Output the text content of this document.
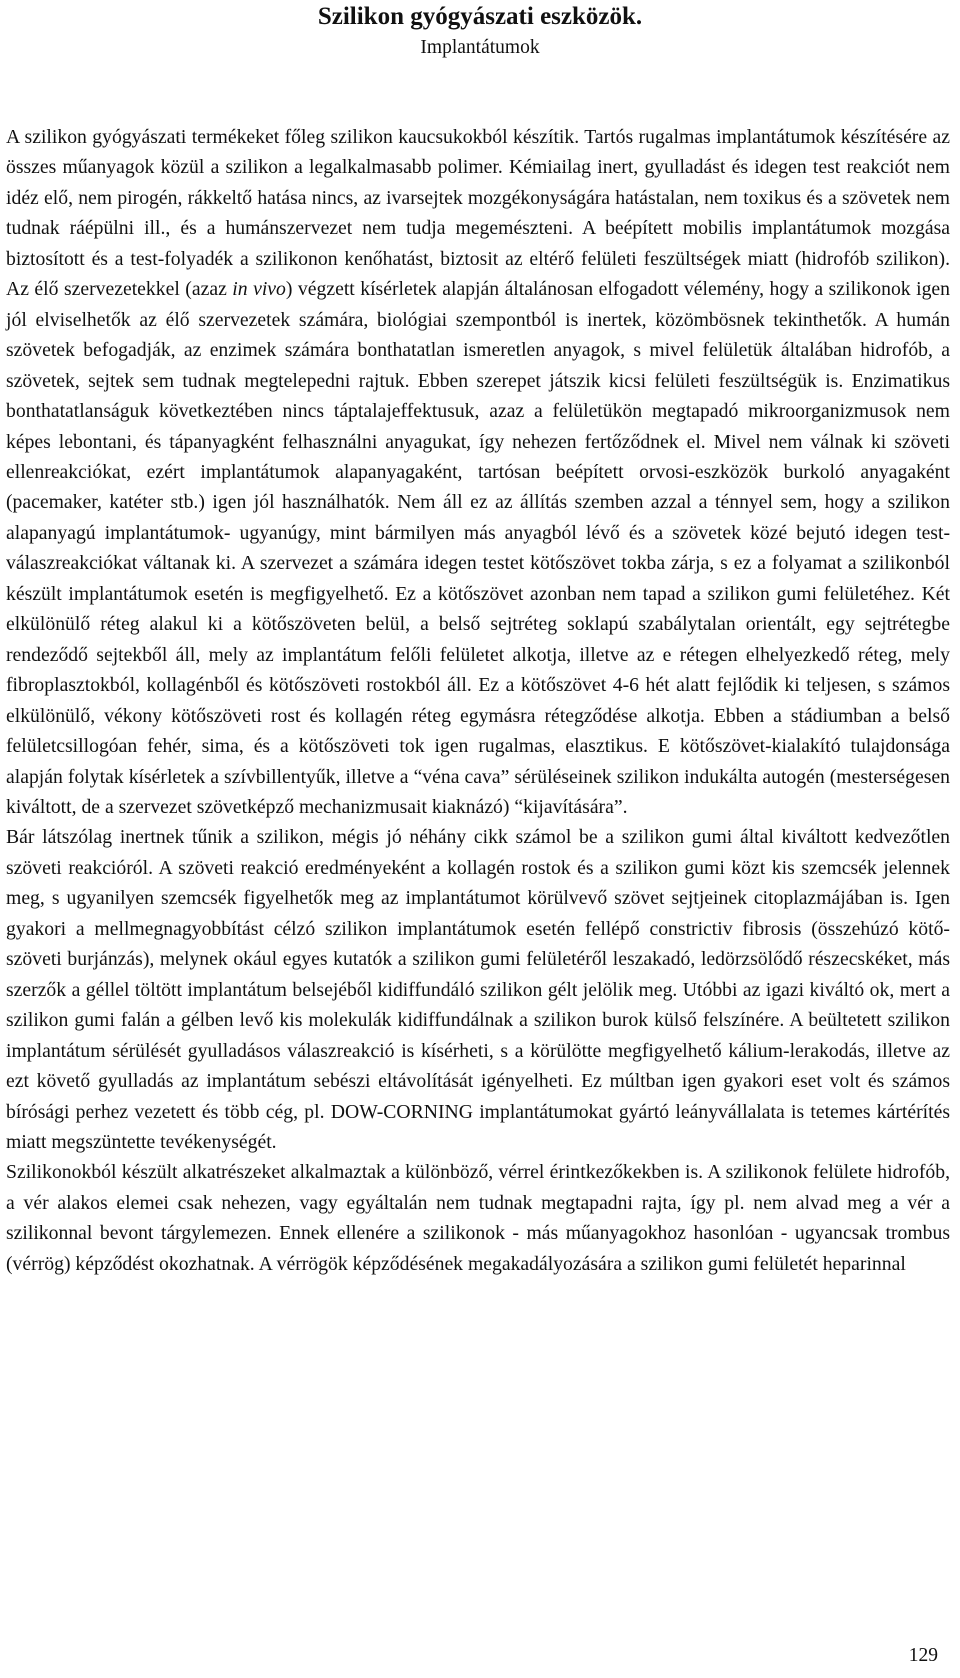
Szilikon gyógyászati eszközök.
Implantátumok

A szilikon gyógyászati termékeket főleg szilikon kaucsukokból készítik. Tartós rugalmas implantátumok készítésére az összes műanyagok közül a szilikon a legalkalmasabb polimer. Kémiailag inert, gyulladást és idegen test reakciót nem idéz elő, nem pirogén, rákkeltő hatása nincs, az ivarsejtek mozgékonyságára hatástalan, nem toxikus és a szövetek nem tudnak ráépülni ill., és a humánszervezet nem tudja megemészteni. A beépített mobilis implantátumok mozgása biztosított és a test-folyadék a szilikonon kenőhatást, biztosit az eltérő felületi feszültségek miatt (hidrofób szilikon). Az élő szervezetekkel (azaz in vivo) végzett kísérletek alapján általánosan elfogadott vélemény, hogy a szilikonok igen jól elviselhetők az élő szervezetek számára, biológiai szempontból is inertek, közömbösnek tekinthetők. A humán szövetek befogadják, az enzimek számára bonthatatlan ismeretlen anyagok, s mivel felületük általában hidrofób, a szövetek, sejtek sem tudnak megtelepedni rajtuk. Ebben szerepet játszik kicsi felületi feszültségük is. Enzimatikus bonthatatlanságuk következtében nincs táptalajeffektusuk, azaz a felületükön megtapadó mikroorganizmusok nem képes lebontani, és tápanyagként felhasználni anyagukat, így nehezen fertőződnek el. Mivel nem válnak ki szöveti ellenreakciókat, ezért implantátumok alapanyagaként, tartósan beépített orvosi-eszközök burkoló anyagaként (pacemaker, katéter stb.) igen jól használhatók. Nem áll ez az állítás szemben azzal a ténnyel sem, hogy a szilikon alapanyagú implantátumok- ugyanúgy, mint bármilyen más anyagból lévő és a szövetek közé bejutó idegen test- válaszreakciókat váltanak ki. A szervezet a számára idegen testet kötőszövet tokba zárja, s ez a folyamat a szilikonból készült implantátumok esetén is megfigyelhető. Ez a kötőszövet azonban nem tapad a szilikon gumi felületéhez. Két elkülönülő réteg alakul ki a kötőszöveten belül, a belső sejtréteg soklapú szabálytalan orientált, egy sejtrétegbe rendeződő sejtekből áll, mely az implantátum felőli felületet alkotja, illetve az e rétegen elhelyezkedő réteg, mely fibroplasztokból, kollagénből és kötőszöveti rostokból áll. Ez a kötőszövet 4-6 hét alatt fejlődik ki teljesen, s számos elkülönülő, vékony kötőszöveti rost és kollagén réteg egymásra rétegződése alkotja. Ebben a stádiumban a belső felületcsillogóan fehér, sima, és a kötőszöveti tok igen rugalmas, elasztikus. E kötőszövet-kialakító tulajdonsága alapján folytak kísérletek a szívbillentyűk, illetve a “véna cava” sérüléseinek szilikon indukálta autogén (mesterségesen kiváltott, de a szervezet szövetképző mechanizmusait kiaknázó) “kijavítására”.

Bár látszólag inertnek tűnik a szilikon, mégis jó néhány cikk számol be a szilikon gumi által kiváltott kedvezőtlen szöveti reakcióról. A szöveti reakció eredményeként a kollagén rostok és a szilikon gumi közt kis szemcsék jelennek meg, s ugyanilyen szemcsék figyelhetők meg az implantátumot körülvevő szövet sejtjeinek citoplazmájában is. Igen gyakori a mellmegnagyobbítást célzó szilikon implantátumok esetén fellépő constrictiv fibrosis (összehúzó kötő-szöveti burjánzás), melynek okául egyes kutatók a szilikon gumi felületéről leszakadó, ledörzsölődő részecskéket, más szerzők a géllel töltött implantátum belsejéből kidiffundáló szilikon gélt jelölik meg. Utóbbi az igazi kiváltó ok, mert a szilikon gumi falán a gélben levő kis molekulák kidiffundálnak a szilikon burok külső felszínére. A beültetett szilikon implantátum sérülését gyulladásos válaszreakció is kísérheti, s a körülötte megfigyelhető kálium-lerakodás, illetve az ezt követő gyulladás az implantátum sebészi eltávolítását igényelheti. Ez múltban igen gyakori eset volt és számos bírósági perhez vezetett és több cég, pl. DOW-CORNING implantátumokat gyártó leányvállalata is tetemes kártérítés miatt megszüntette tevékenységét.

Szilikonokból készült alkatrészeket alkalmaztak a különböző, vérrel érintkezőkekben is. A szilikonok felülete hidrofób, a vér alakos elemei csak nehezen, vagy egyáltalán nem tudnak megtapadni rajta, így pl. nem alvad meg a vér a szilikonnal bevont tárgylemezen. Ennek ellenére a szilikonok - más műanyagokhoz hasonlóan - ugyancsak trombus (vérrög) képződést okozhatnak. A vérrögök képződésének megakadályozására a szilikon gumi felületét heparinnal

129
